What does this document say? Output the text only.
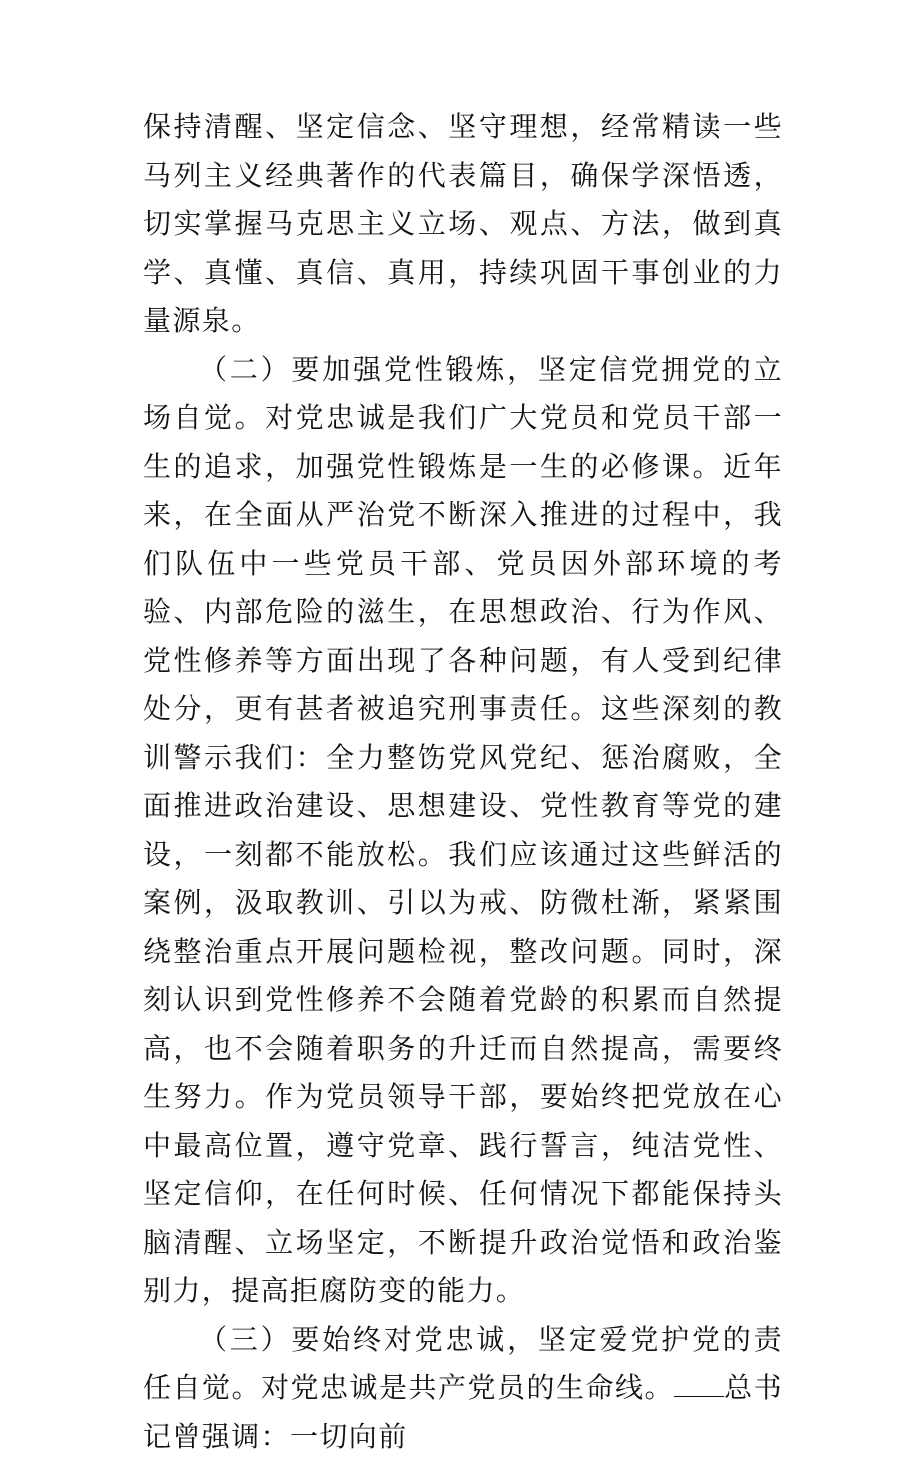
保持清醒、坚定信念、坚守理想，经常精读一些马列主义经典著作的代表篇目，确保学深悟透，切实掌握马克思主义立场、观点、方法，做到真学、真懂、真信、真用，持续巩固干事创业的力量源泉。

（二）要加强党性锻炼，坚定信党拥党的立场自觉。对党忠诚是我们广大党员和党员干部一生的追求，加强党性锻炼是一生的必修课。近年来，在全面从严治党不断深入推进的过程中，我们队伍中一些党员干部、党员因外部环境的考验、内部危险的滋生，在思想政治、行为作风、党性修养等方面出现了各种问题，有人受到纪律处分，更有甚者被追究刑事责任。这些深刻的教训警示我们：全力整饬党风党纪、惩治腐败，全面推进政治建设、思想建设、党性教育等党的建设，一刻都不能放松。我们应该通过这些鲜活的案例，汲取教训、引以为戒、防微杜渐，紧紧围绕整治重点开展问题检视，整改问题。同时，深刻认识到党性修养不会随着党龄的积累而自然提高，也不会随着职务的升迁而自然提高，需要终生努力。作为党员领导干部，要始终把党放在心中最高位置，遵守党章、践行誓言，纯洁党性、坚定信仰，在任何时候、任何情况下都能保持头脑清醒、立场坚定，不断提升政治觉悟和政治鉴别力，提高拒腐防变的能力。

（三）要始终对党忠诚，坚定爱党护党的责任自觉。对党忠诚是共产党员的生命线。 总书记曾强调：一切向前
